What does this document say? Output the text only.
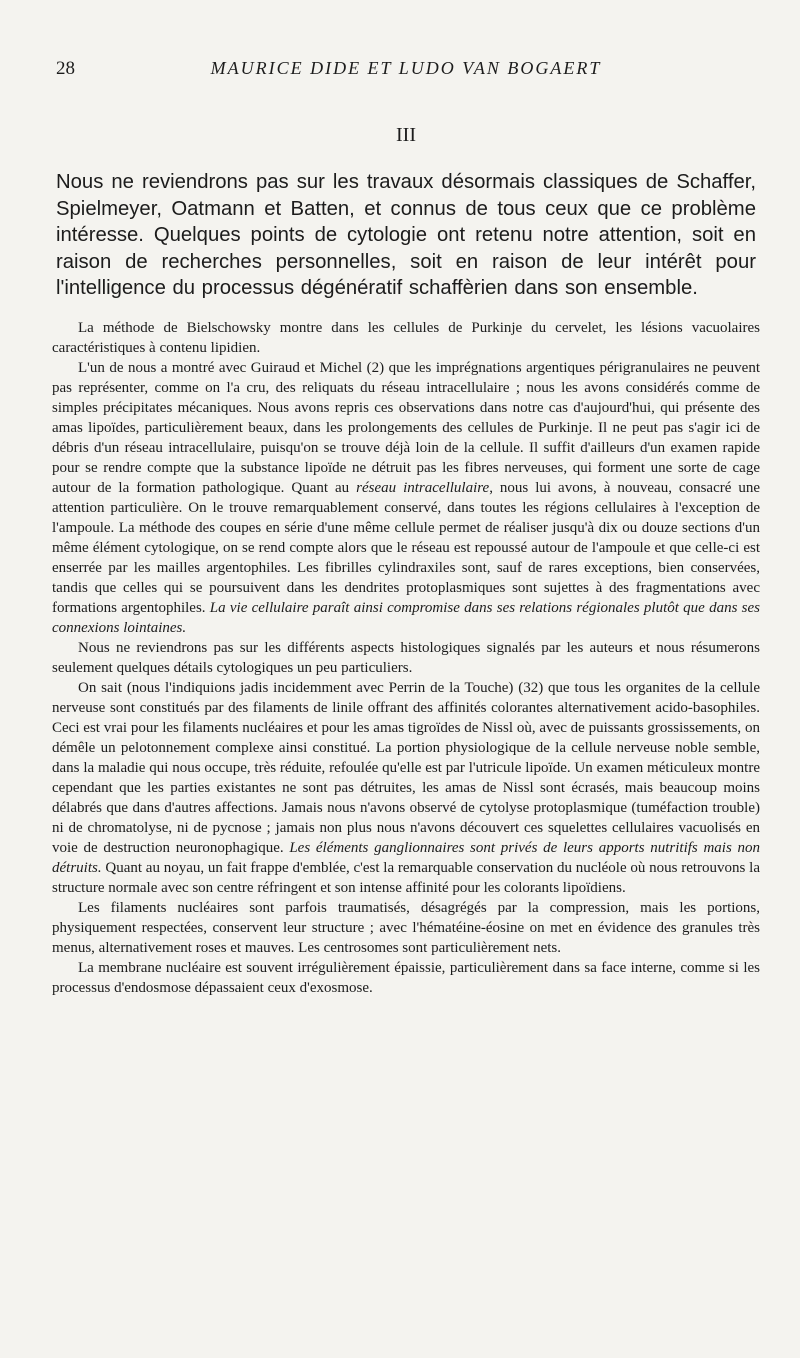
28	MAURICE DIDE ET LUDO VAN BOGAERT
III

Nous ne reviendrons pas sur les travaux désormais classiques de Schaffer, Spielmeyer, Oatmann et Batten, et connus de tous ceux que ce problème intéresse. Quelques points de cytologie ont retenu notre attention, soit en raison de recherches personnelles, soit en raison de leur intérêt pour l'intelligence du processus dégénératif schaffèrien dans son ensemble.

La méthode de Bielschowsky montre dans les cellules de Purkinje du cervelet, les lésions vacuolaires caractéristiques à contenu lipidien.

L'un de nous a montré avec Guiraud et Michel (2) que les imprégnations argentiques périgranulaires ne peuvent pas représenter, comme on l'a cru, des reliquats du réseau intracellulaire ; nous les avons considérés comme de simples précipitates mécaniques. Nous avons repris ces observations dans notre cas d'aujourd'hui, qui présente des amas lipoïdes, particulièrement beaux, dans les prolongements des cellules de Purkinje. Il ne peut pas s'agir ici de débris d'un réseau intracellulaire, puisqu'on se trouve déjà loin de la cellule. Il suffit d'ailleurs d'un examen rapide pour se rendre compte que la substance lipoïde ne détruit pas les fibres nerveuses, qui forment une sorte de cage autour de la formation pathologique. Quant au réseau intracellulaire, nous lui avons, à nouveau, consacré une attention particulière. On le trouve remarquablement conservé, dans toutes les régions cellulaires à l'exception de l'ampoule. La méthode des coupes en série d'une même cellule permet de réaliser jusqu'à dix ou douze sections d'un même élément cytologique, on se rend compte alors que le réseau est repoussé autour de l'ampoule et que celle-ci est enserrée par les mailles argentophiles. Les fibrilles cylindraxiles sont, sauf de rares exceptions, bien conservées, tandis que celles qui se poursuivent dans les dendrites protoplasmiques sont sujettes à des fragmentations avec formations argentophiles. La vie cellulaire paraît ainsi compromise dans ses relations régionales plutôt que dans ses connexions lointaines.

Nous ne reviendrons pas sur les différents aspects histologiques signalés par les auteurs et nous résumerons seulement quelques détails cytologiques un peu particuliers.

On sait (nous l'indiquions jadis incidemment avec Perrin de la Touche) (32) que tous les organites de la cellule nerveuse sont constitués par des filaments de linile offrant des affinités colorantes alternativement acido-basophiles. Ceci est vrai pour les filaments nucléaires et pour les amas tigroïdes de Nissl où, avec de puissants grossissements, on démêle un pelotonnement complexe ainsi constitué. La portion physiologique de la cellule nerveuse noble semble, dans la maladie qui nous occupe, très réduite, refoulée qu'elle est par l'utricule lipoïde. Un examen méticuleux montre cependant que les parties existantes ne sont pas détruites, les amas de Nissl sont écrasés, mais beaucoup moins délabrés que dans d'autres affections. Jamais nous n'avons observé de cytolyse protoplasmique (tuméfaction trouble) ni de chromatolyse, ni de pycnose ; jamais non plus nous n'avons découvert ces squelettes cellulaires vacuolisés en voie de destruction neuronophagique. Les éléments ganglionnaires sont privés de leurs apports nutritifs mais non détruits. Quant au noyau, un fait frappe d'emblée, c'est la remarquable conservation du nucléole où nous retrouvons la structure normale avec son centre réfringent et son intense affinité pour les colorants lipoïdiens.

Les filaments nucléaires sont parfois traumatisés, désagrégés par la compression, mais les portions, physiquement respectées, conservent leur structure ; avec l'hématéine-éosine on met en évidence des granules très menus, alternativement roses et mauves. Les centrosomes sont particulièrement nets.

La membrane nucléaire est souvent irrégulièrement épaissie, particulièrement dans sa face interne, comme si les processus d'endosmose dépassaient ceux d'exosmose.
